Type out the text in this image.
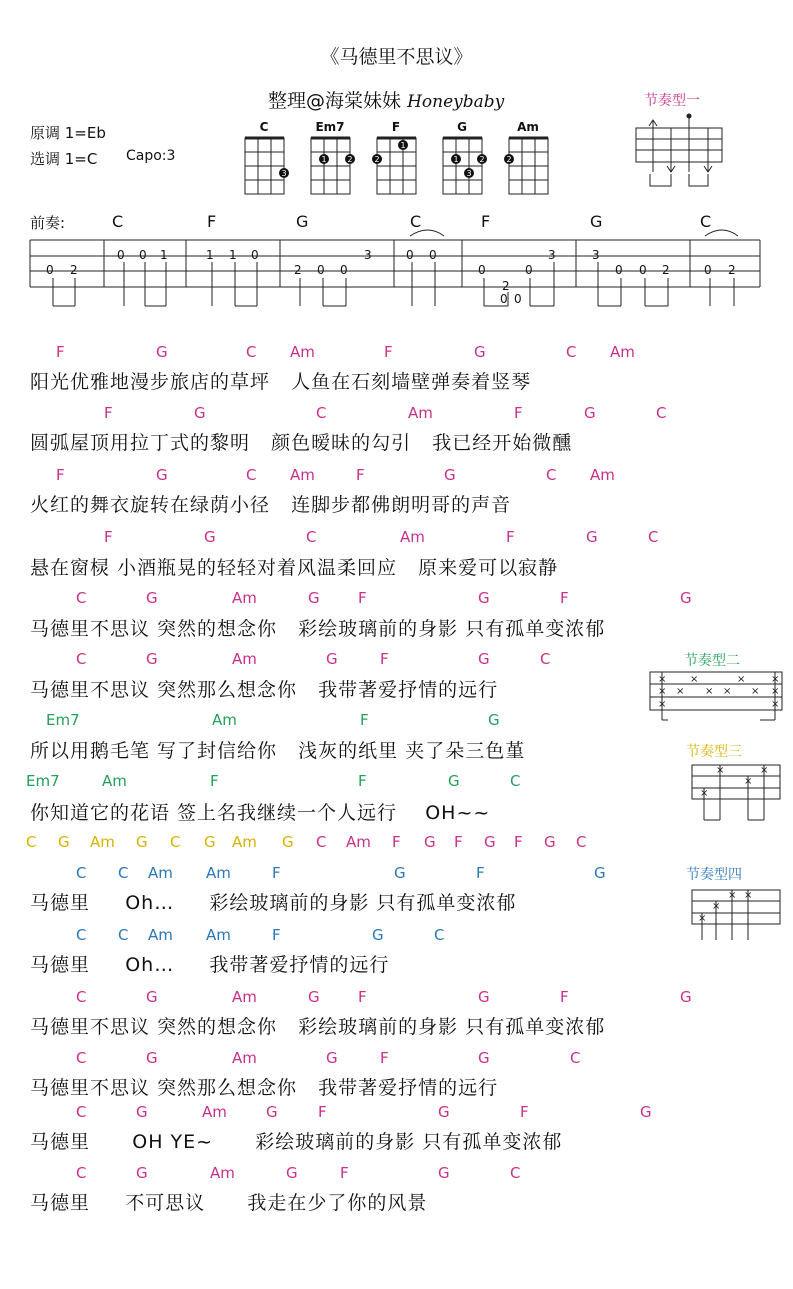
《马德里不思议》
整理@海棠妹妹 Honeybaby
原调 1=Eb
选调 1=C Capo:3
C
3
Em7
1	2
F
2
1
G
1
3
2
Am
2
节奏型一
节奏型二
节奏型三
节奏型四
前奏:	C	F	G	C	F	G	C
0 2
0 0 1	1 1 0
2 0 0
3	0 0
0
3
2
0
3
0 0 2	0 2
0 0
×
×
×
×
×
× ×
×
×
×
×
×
×
×
×
×
×
×
× ×
F	G	C Am	F	G	C Am
阳光优雅地漫步旅店的草坪   人鱼在石刻墙壁弹奏着竖琴
F	G	C	Am	F	G	C
圆弧屋顶用拉丁式的黎明   颜色暧昧的勾引   我已经开始微醺
F	G	C Am	F	G	C Am
火红的舞衣旋转在绿荫小径   连脚步都佛朗明哥的声音
F	G	C	Am	F	G	C
悬在窗棂 小酒瓶晃的轻轻对着风温柔回应   原来爱可以寂静
C	G	Am	G	F	G	F	G
马德里不思议 突然的想念你   彩绘玻璃前的身影 只有孤单变浓郁
C	G	Am	G	F	G	C
马德里不思议 突然那么想念你   我带著爱抒情的远行
Em7	Am	F	G
所以用鹅毛笔 写了封信给你   浅灰的纸里 夹了朵三色堇
Em7	Am	F	F	G	C
你知道它的花语 签上名我继续一个人远行    OH~~
C G Am G C G Am G C Am F G F G F G C
C C Am Am	F	G	F	G
马德里     Oh…     彩绘玻璃前的身影 只有孤单变浓郁
C C Am Am	F	G	C
马德里     Oh…     我带著爱抒情的远行
C	G	Am	G	F	G	F	G
马德里不思议 突然的想念你   彩绘玻璃前的身影 只有孤单变浓郁
C	G	Am	G	F	G	C
马德里不思议 突然那么想念你   我带著爱抒情的远行
C	G	Am	G	F	G	F	G
马德里      OH YE~      彩绘玻璃前的身影 只有孤单变浓郁
C	G	Am	G	F	G	C
马德里     不可思议      我走在少了你的风景
